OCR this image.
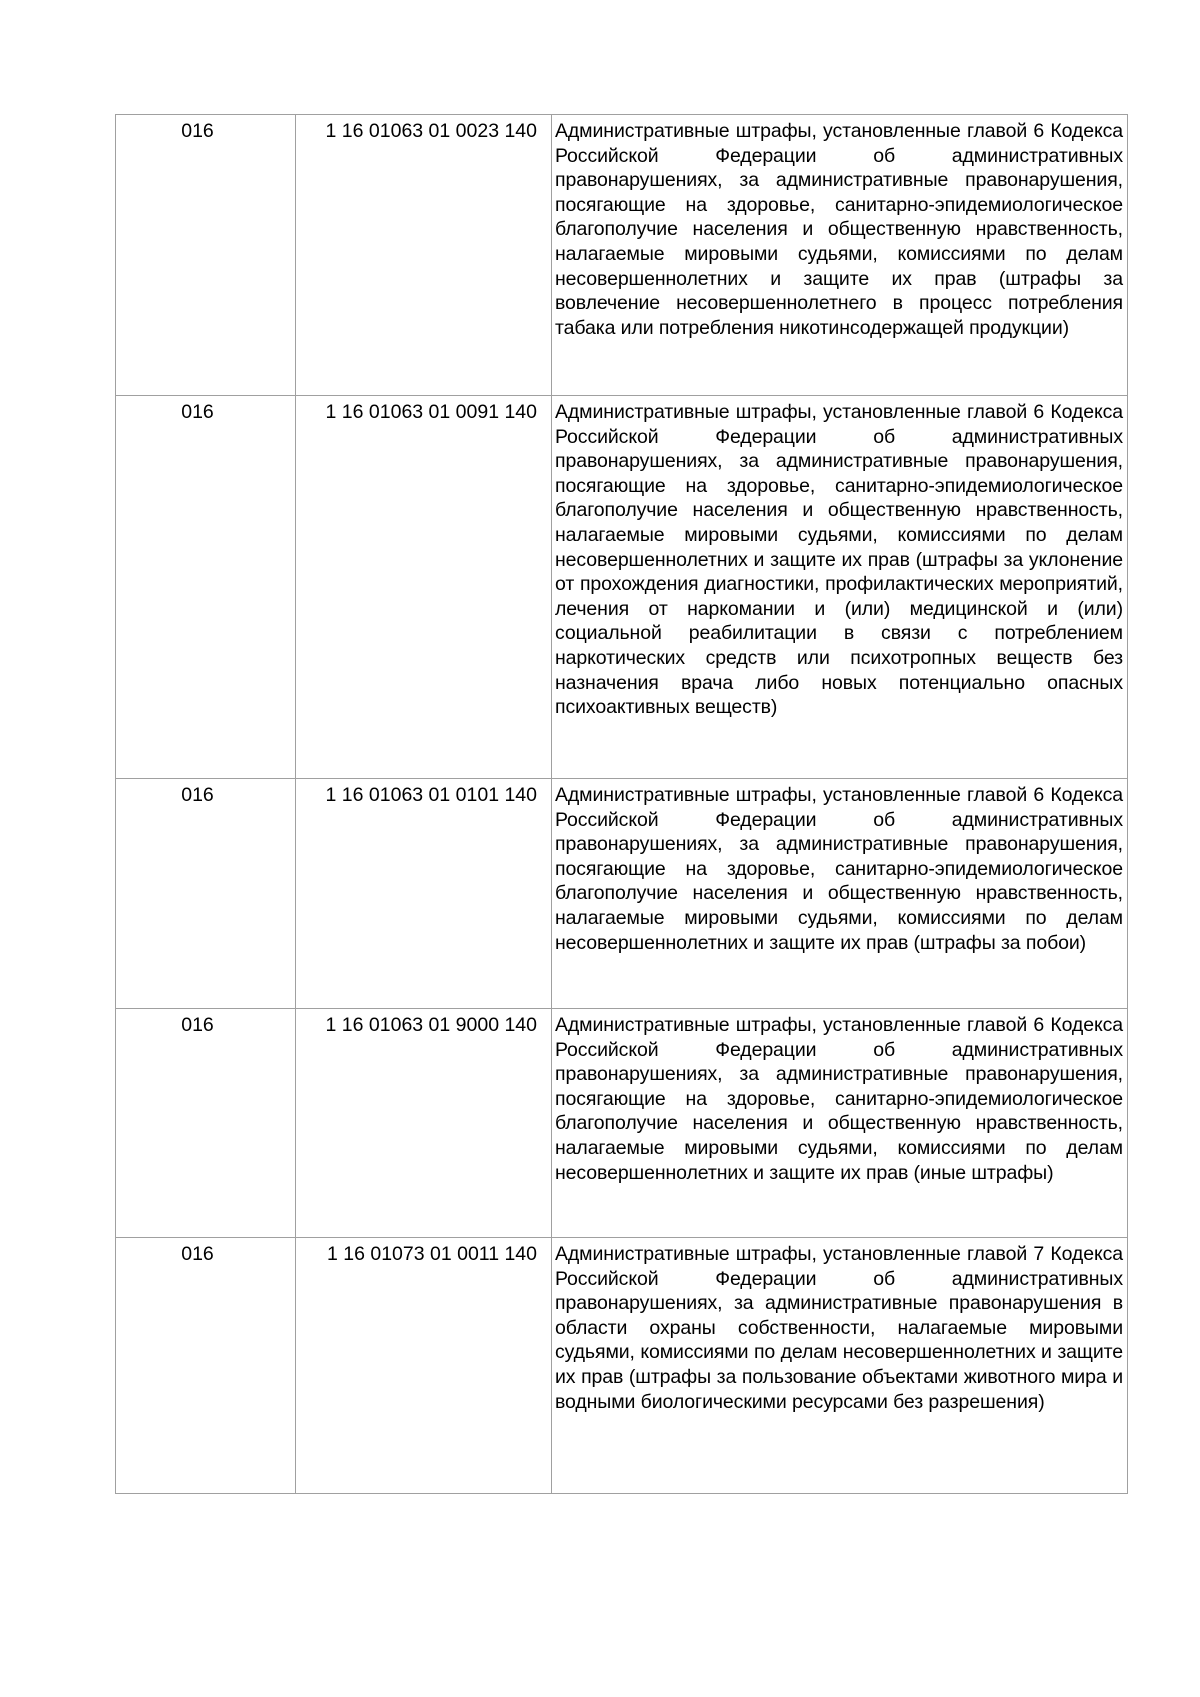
016	1 16 01063 01 0023 140	Административные штрафы, установленные главой 6 Кодекса Российской Федерации об административных правонарушениях, за административные правонарушения, посягающие на здоровье, санитарно-эпидемиологическое благополучие населения и общественную нравственность, налагаемые мировыми судьями, комиссиями по делам несовершеннолетних и защите их прав (штрафы за вовлечение несовершеннолетнего в процесс потребления табака или потребления никотинсодержащей продукции)
016	1 16 01063 01 0091 140	Административные штрафы, установленные главой 6 Кодекса Российской Федерации об административных правонарушениях, за административные правонарушения, посягающие на здоровье, санитарно-эпидемиологическое благополучие населения и общественную нравственность, налагаемые мировыми судьями, комиссиями по делам несовершеннолетних и защите их прав (штрафы за уклонение от прохождения диагностики, профилактических мероприятий, лечения от наркомании и (или) медицинской и (или) социальной реабилитации в связи с потреблением наркотических средств или психотропных веществ без назначения врача либо новых потенциально опасных психоактивных веществ)
016	1 16 01063 01 0101 140	Административные штрафы, установленные главой 6 Кодекса Российской Федерации об административных правонарушениях, за административные правонарушения, посягающие на здоровье, санитарно-эпидемиологическое благополучие населения и общественную нравственность, налагаемые мировыми судьями, комиссиями по делам несовершеннолетних и защите их прав (штрафы за побои)
016	1 16 01063 01 9000 140	Административные штрафы, установленные главой 6 Кодекса Российской Федерации об административных правонарушениях, за административные правонарушения, посягающие на здоровье, санитарно-эпидемиологическое благополучие населения и общественную нравственность, налагаемые мировыми судьями, комиссиями по делам несовершеннолетних и защите их прав (иные штрафы)
016	1 16 01073 01 0011 140	Административные штрафы, установленные главой 7 Кодекса Российской Федерации об административных правонарушениях, за административные правонарушения в области охраны собственности, налагаемые мировыми судьями, комиссиями по делам несовершеннолетних и защите их прав (штрафы за пользование объектами животного мира и водными биологическими ресурсами без разрешения)
